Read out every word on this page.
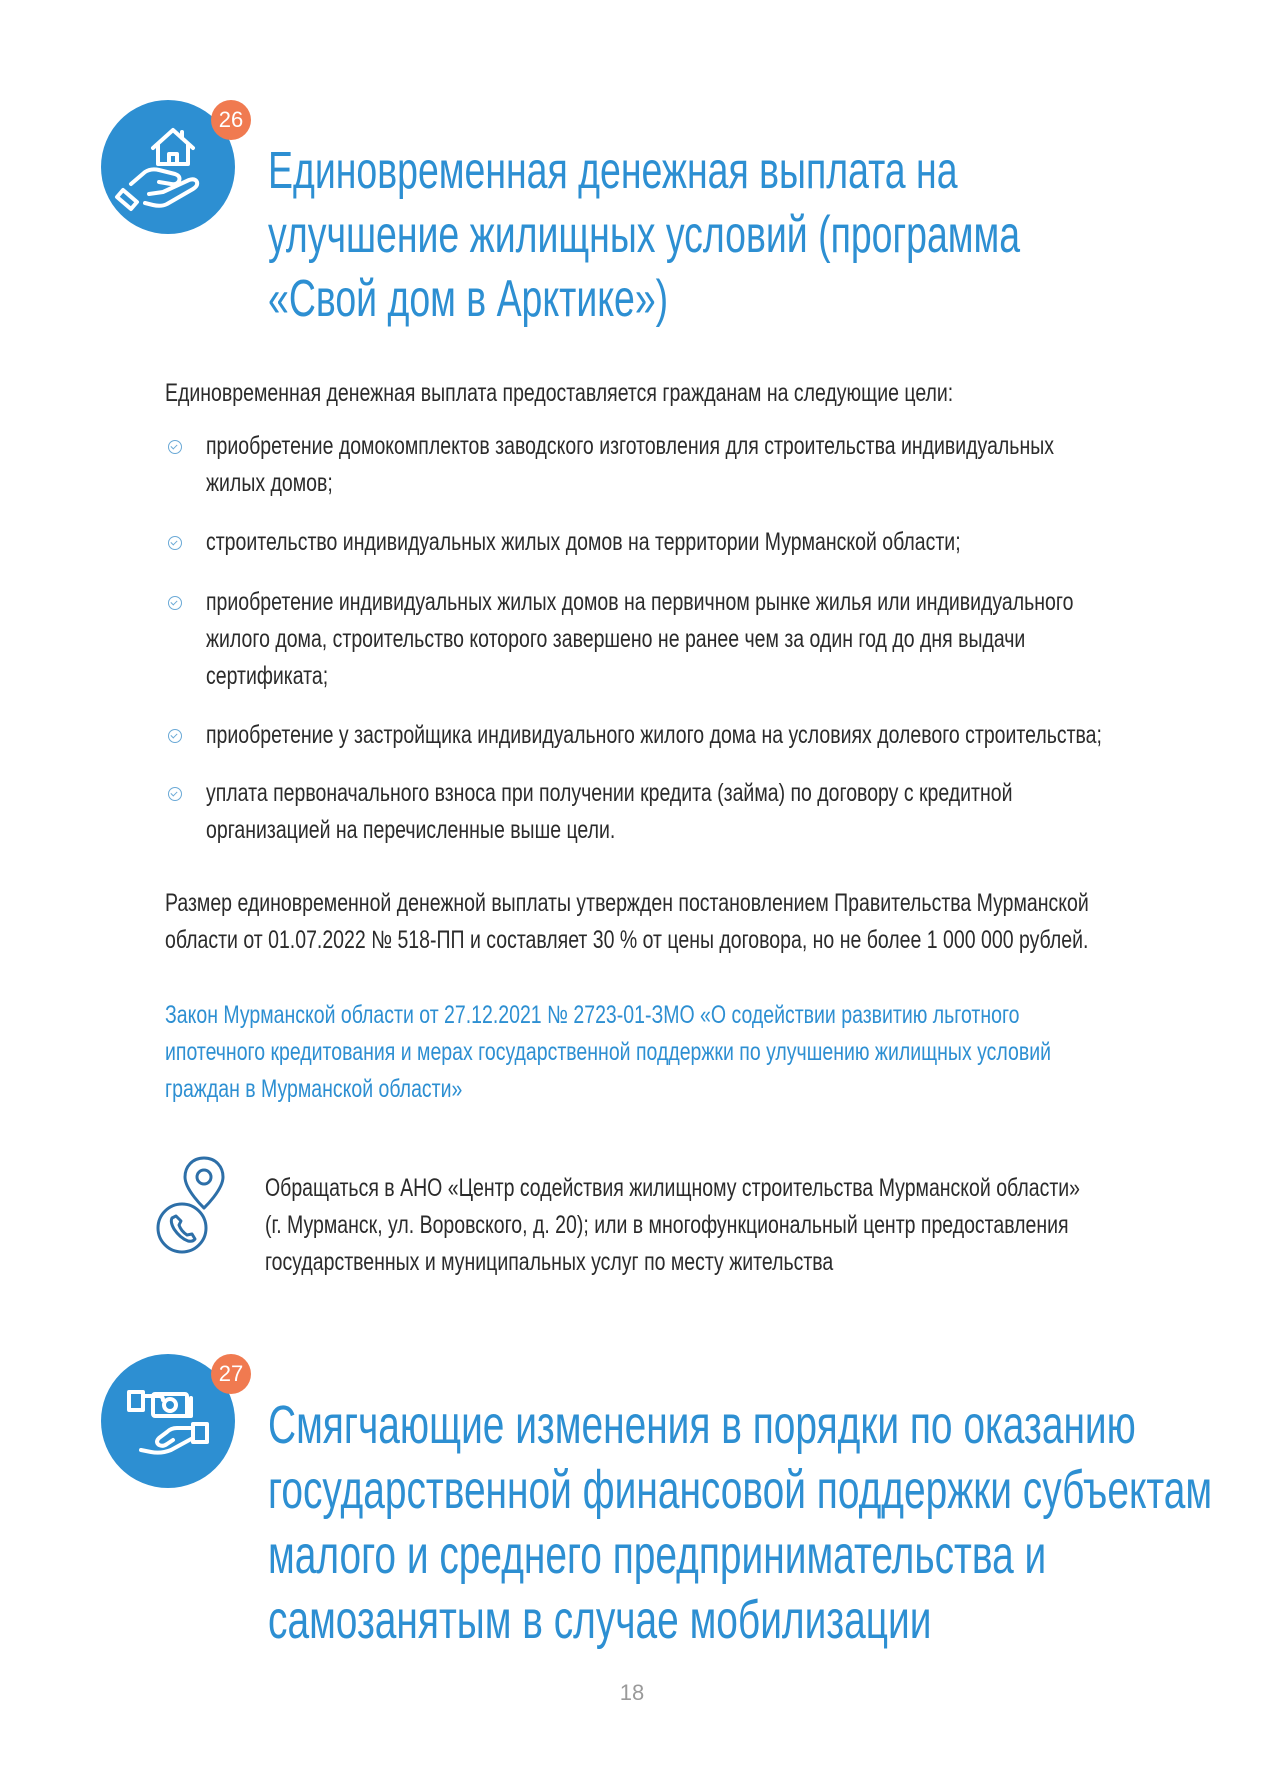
26
Единовременная денежная выплата на
улучшение жилищных условий (программа
«Свой дом в Арктике»)
Единовременная денежная выплата предоставляется гражданам на следующие цели:
приобретение домокомплектов заводского изготовления для строительства индивидуальных
жилых домов;
строительство индивидуальных жилых домов на территории Мурманской области;
приобретение индивидуальных жилых домов на первичном рынке жилья или индивидуального
жилого дома, строительство которого завершено не ранее чем за один год до дня выдачи
сертификата;
приобретение у застройщика индивидуального жилого дома на условиях долевого строительства;
уплата первоначального взноса при получении кредита (займа) по договору с кредитной
организацией на перечисленные выше цели.
Размер единовременной денежной выплаты утвержден постановлением Правительства Мурманской
области от 01.07.2022 № 518-ПП и составляет 30 % от цены договора, но не более 1 000 000 рублей.
Закон Мурманской области от 27.12.2021 № 2723-01-ЗМО «О содействии развитию льготного
ипотечного кредитования и мерах государственной поддержки по улучшению жилищных условий
граждан в Мурманской области»
Обращаться в АНО «Центр содействия жилищному строительства Мурманской области»
(г. Мурманск, ул. Воровского, д. 20); или в многофункциональный центр предоставления
государственных и муниципальных услуг по месту жительства
27
Смягчающие изменения в порядки по оказанию
государственной финансовой поддержки субъектам
малого и среднего предпринимательства и
самозанятым в случае мобилизации
18
